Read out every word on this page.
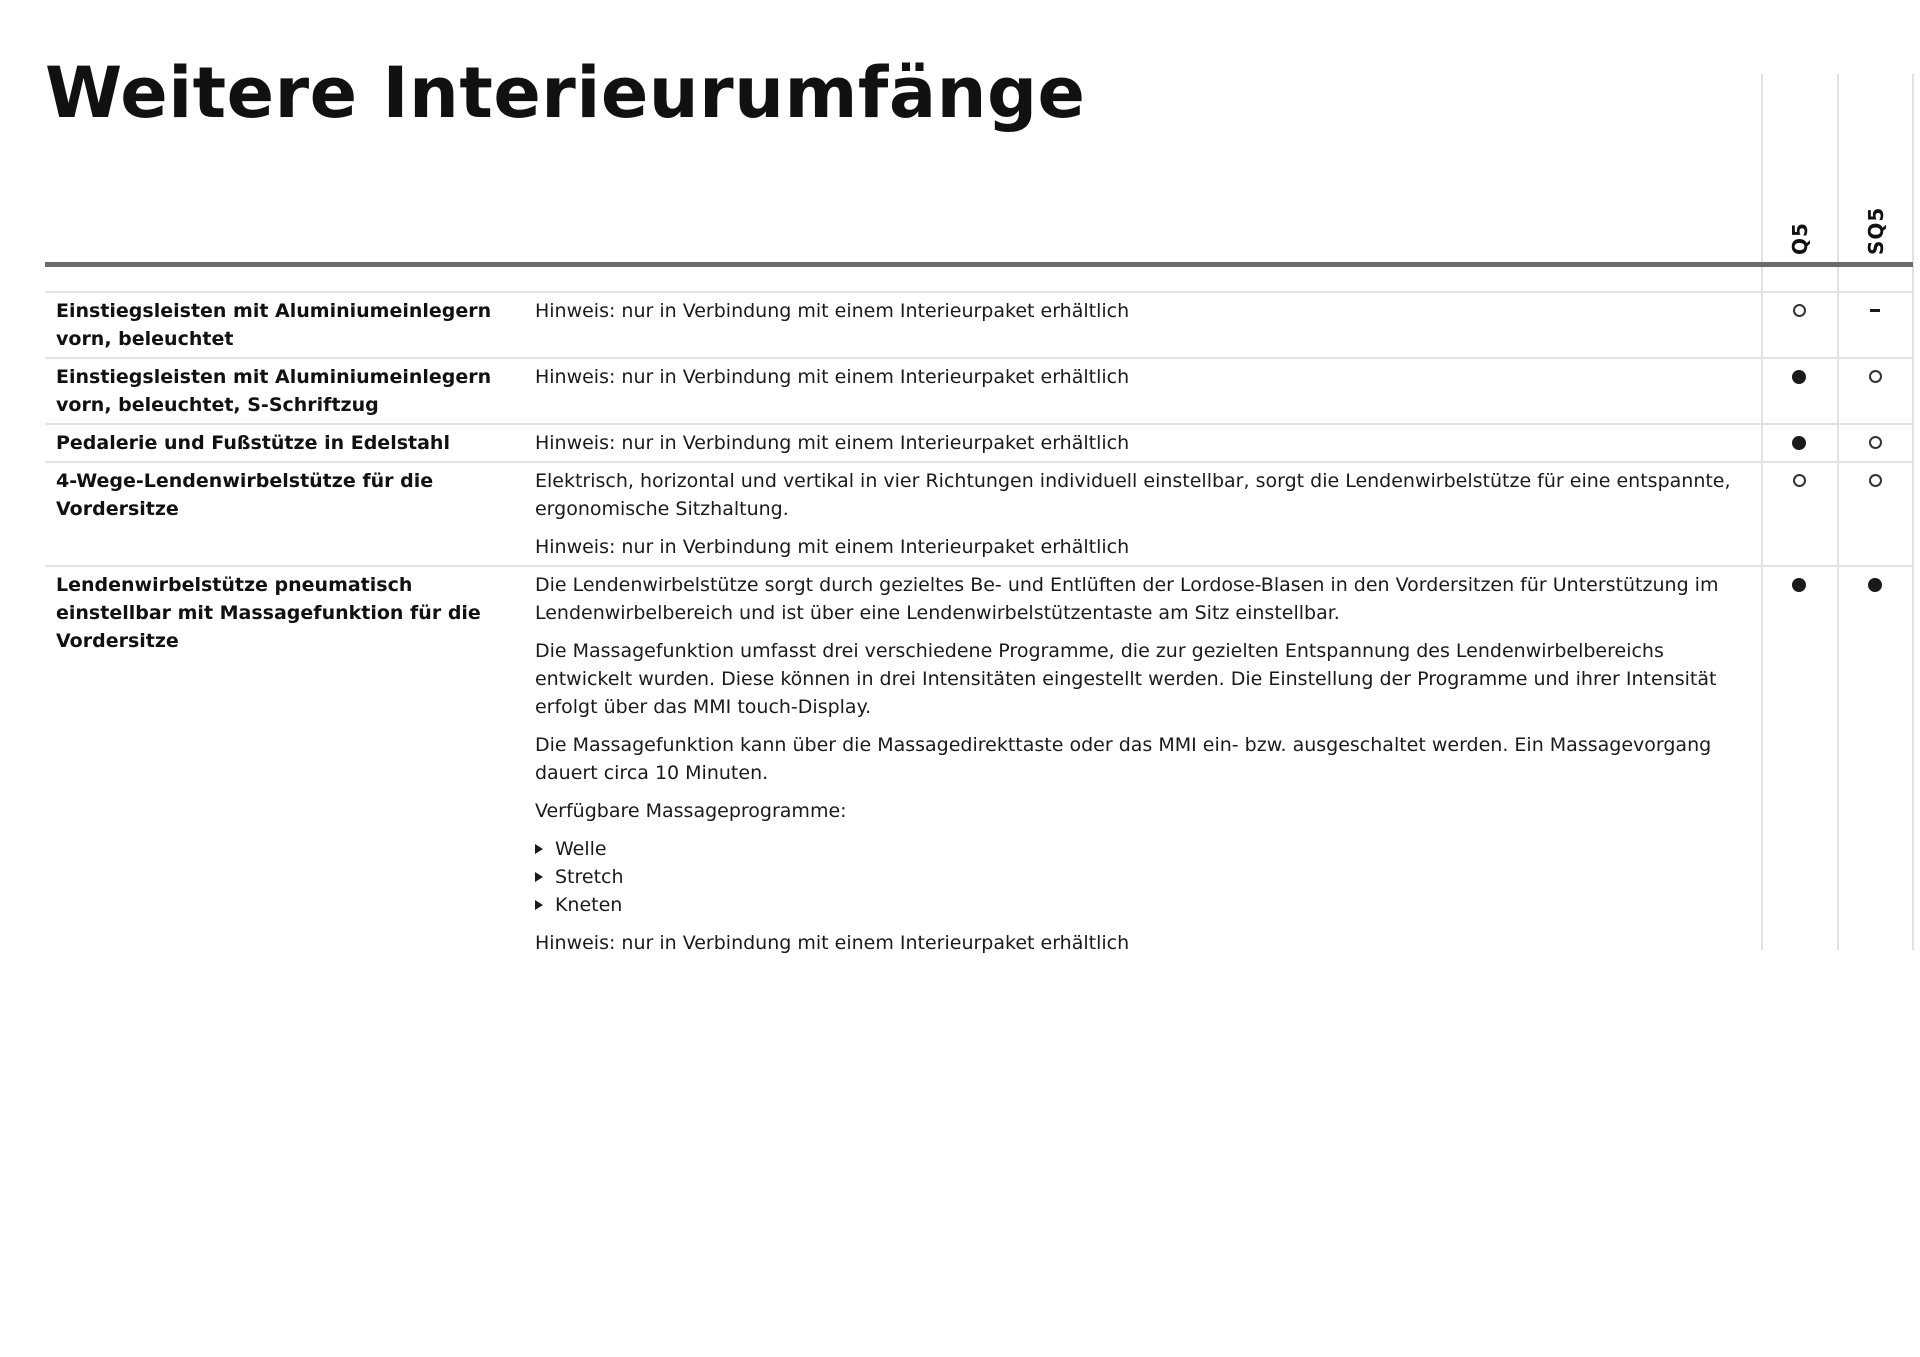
Weitere Interieurumfänge
Q5	SQ5
Einstiegsleisten mit Aluminiumeinlegern vorn, beleuchtet

Hinweis: nur in Verbindung mit einem Interieurpaket erhältlich

Einstiegsleisten mit Aluminiumeinlegern vorn, beleuchtet, S-Schriftzug

Hinweis: nur in Verbindung mit einem Interieurpaket erhältlich

Pedalerie und Fußstütze in Edelstahl	Hinweis: nur in Verbindung mit einem Interieurpaket erhältlich

4-Wege-Lendenwirbelstütze für die Vordersitze

Elektrisch, horizontal und vertikal in vier Richtungen individuell einstellbar, sorgt die Lendenwirbelstütze für eine entspannte, ergonomische Sitzhaltung.

Hinweis: nur in Verbindung mit einem Interieurpaket erhältlich

Lendenwirbelstütze pneumatisch einstellbar mit Massagefunktion für die Vordersitze

Die Lendenwirbelstütze sorgt durch gezieltes Be- und Entlüften der Lordose-Blasen in den Vordersitzen für Unterstützung im Lendenwirbelbereich und ist über eine Lendenwirbelstützentaste am Sitz einstellbar.

Die Massagefunktion umfasst drei verschiedene Programme, die zur gezielten Entspannung des Lendenwirbelbereichs entwickelt wurden. Diese können in drei Intensitäten eingestellt werden. Die Einstellung der Programme und ihrer Intensität erfolgt über das MMI touch-Display.

Die Massagefunktion kann über die Massagedirekttaste oder das MMI ein- bzw. ausgeschaltet werden. Ein Massagevorgang dauert circa 10 Minuten.

Verfügbare Massageprogramme:

Welle
Stretch
Kneten

Hinweis: nur in Verbindung mit einem Interieurpaket erhältlich
